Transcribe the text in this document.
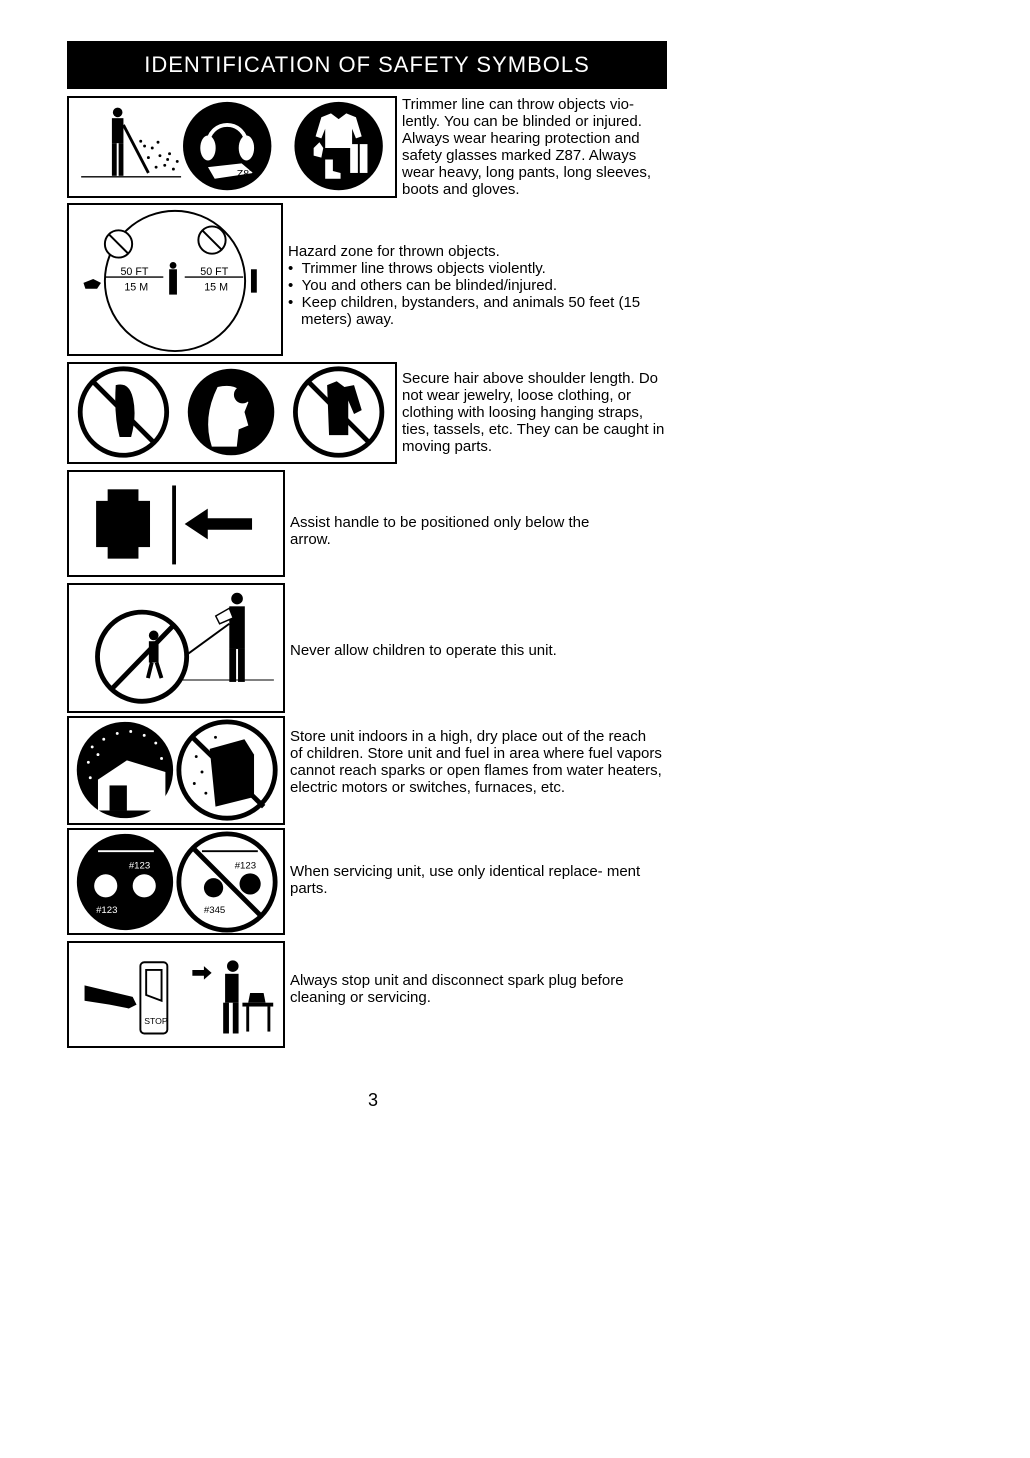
IDENTIFICATION OF SAFETY SYMBOLS
Z87
Trimmer line can throw objects vio- lently. You can be blinded or injured. Always wear hearing protection and safety glasses marked Z87. Always wear heavy, long pants, long sleeves, boots and gloves.
50 FT
15 M
50 FT
15 M
Hazard zone for thrown objects.
•  Trimmer line throws objects violently.
•  You and others can be blinded/injured.
•  Keep children, bystanders, and animals 50 feet (15 meters) away.
Secure hair above shoulder length. Do not wear jewelry, loose clothing, or clothing with loosing hanging straps, ties, tassels, etc. They can be caught in moving parts.
Assist handle to be positioned only below the arrow.
Never allow children to operate this unit.
Store unit indoors in a high, dry place out of the reach of children. Store unit and fuel in area where fuel vapors cannot reach sparks or open flames from water heaters, electric motors or switches, furnaces, etc.
#123
#123
#123
#345
When servicing unit, use only identical replace- ment parts.
STOP
Always stop unit and disconnect spark plug before cleaning or servicing.
3
